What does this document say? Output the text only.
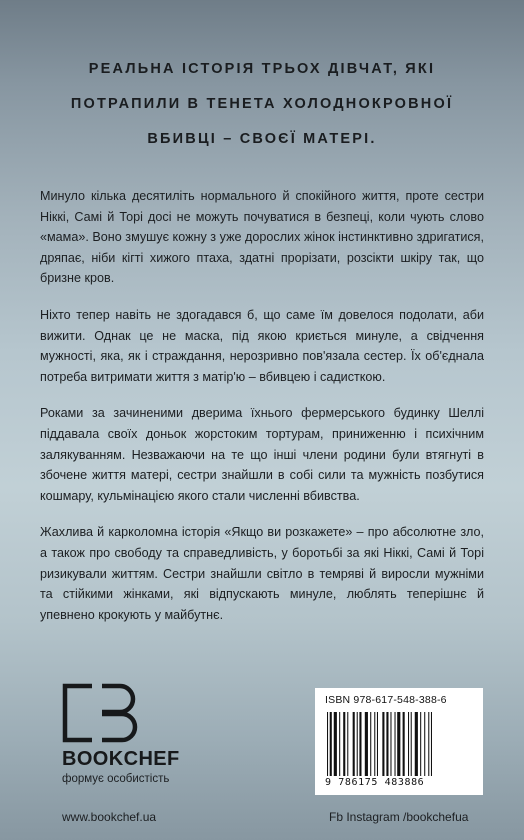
РЕАЛЬНА ІСТОРІЯ ТРЬОХ ДІВЧАТ, ЯКІ
ПОТРАПИЛИ В ТЕНЕТА ХОЛОДНОКРОВНОЇ
ВБИВЦІ – СВОЄЇ МАТЕРІ.

Минуло кілька десятиліть нормального й спокійного життя, проте сестри Ніккі, Самі й Торі досі не можуть почуватися в безпеці, коли чують слово «мама». Воно змушує кожну з уже дорослих жінок інстинктивно здригатися, дряпає, ніби кігті хижого птаха, здатні прорізати, розсікти шкіру так, що бризне кров.

Ніхто тепер навіть не здогадався б, що саме їм довелося подолати, аби вижити. Однак це не маска, під якою криється минуле, а свідчення мужності, яка, як і страждання, нерозривно пов'язала сестер. Їх об'єднала потреба витримати життя з матір'ю – вбивцею і садисткою.

Роками за зачиненими дверима їхнього фермерського будинку Шеллі піддавала своїх доньок жорстоким тортурам, приниженню і психічним залякуванням. Незважаючи на те що інші члени родини були втягнуті в збочене життя матері, сестри знайшли в собі сили та мужність позбутися кошмару, кульмінацією якого стали численні вбивства.

Жахлива й карколомна історія «Якщо ви розкажете» – про абсолютне зло, а також про свободу та справедливість, у боротьбі за які Ніккі, Самі й Торі ризикували життям. Сестри знайшли світло в темряві й виросли мужніми та стійкими жінками, які відпускають минуле, люблять теперішнє й упевнено крокують у майбутнє.

BOOKCHEF
формує особистість
ISBN 978-617-548-388-6
9 786175 483886
www.bookchef.ua	Fb Instagram /bookchefua
